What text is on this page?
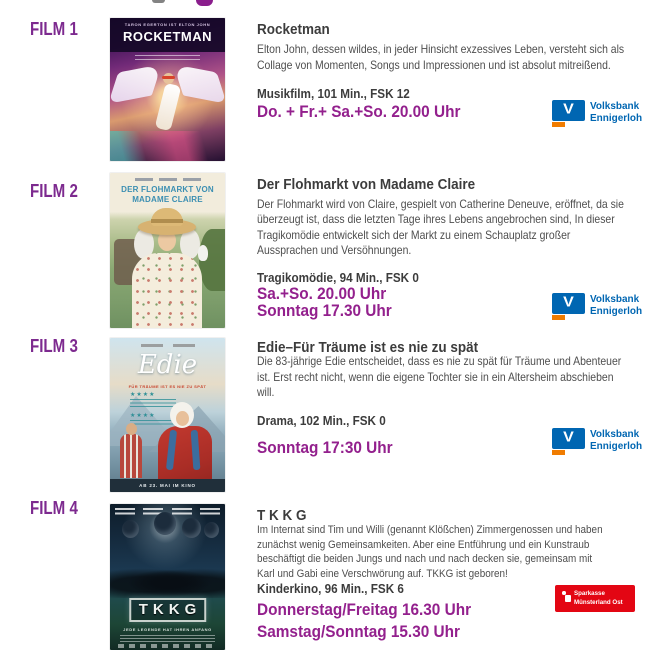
FILM 1	TARON EGERTON IST ELTON JOHN
ROCKETMAN	Rocketman
Elton John, dessen wildes, in jeder Hinsicht exzessives Leben, versteht sich als
Collage von Momenten, Songs und Impressionen und ist absolut mitreißend.
Musikfilm, 101 Min., FSK 12
Do. + Fr.+ Sa.+So. 20.00 Uhr	V	Volksbank
Ennigerloh
FILM 2	DER FLOHMARKT VON
MADAME CLAIRE
Der Flohmarkt von Madame Claire
Der Flohmarkt wird von Claire, gespielt von Catherine Deneuve, eröffnet, da sie
überzeugt ist, dass die letzten Tage ihres Lebens angebrochen sind, In dieser
Tragikomödie entwickelt sich der Markt zu einem Schauplatz großer
Aussprachen und Versöhnungen.
Tragikomödie, 94 Min., FSK 0
Sa.+So. 20.00 Uhr
Sonntag 17.30 Uhr	V	Volksbank
Ennigerloh
FILM 3
Edie
FÜR TRÄUME IST ES NIE ZU SPÄT
★★★★
★★★★
AB 23. MAI IM KINO
Edie–Für Träume ist es nie zu spät
Die 83-jährige Edie entscheidet, dass es nie zu spät für Träume und Abenteuer
ist. Erst recht nicht, wenn die eigene Tochter sie in ein Altersheim abschieben
will.
Drama, 102 Min., FSK 0
Sonntag 17:30 Uhr
V	Volksbank
Ennigerloh
FILM 4
TKKG
JEDE LEGENDE HAT IHREN ANFANG
T K K G
Im Internat sind Tim und Willi (genannt Klößchen) Zimmergenossen und haben
zunächst wenig Gemeinsamkeiten. Aber eine Entführung und ein Kunstraub
beschäftigt die beiden Jungs und nach und nach decken sie, gemeinsam mit
Karl und Gabi eine Verschwörung auf. TKKG ist geboren!
Kinderkino, 96 Min., FSK 6
Donnerstag/Freitag 16.30 Uhr
Samstag/Sonntag 15.30 Uhr
Sparkasse
Münsterland Ost
